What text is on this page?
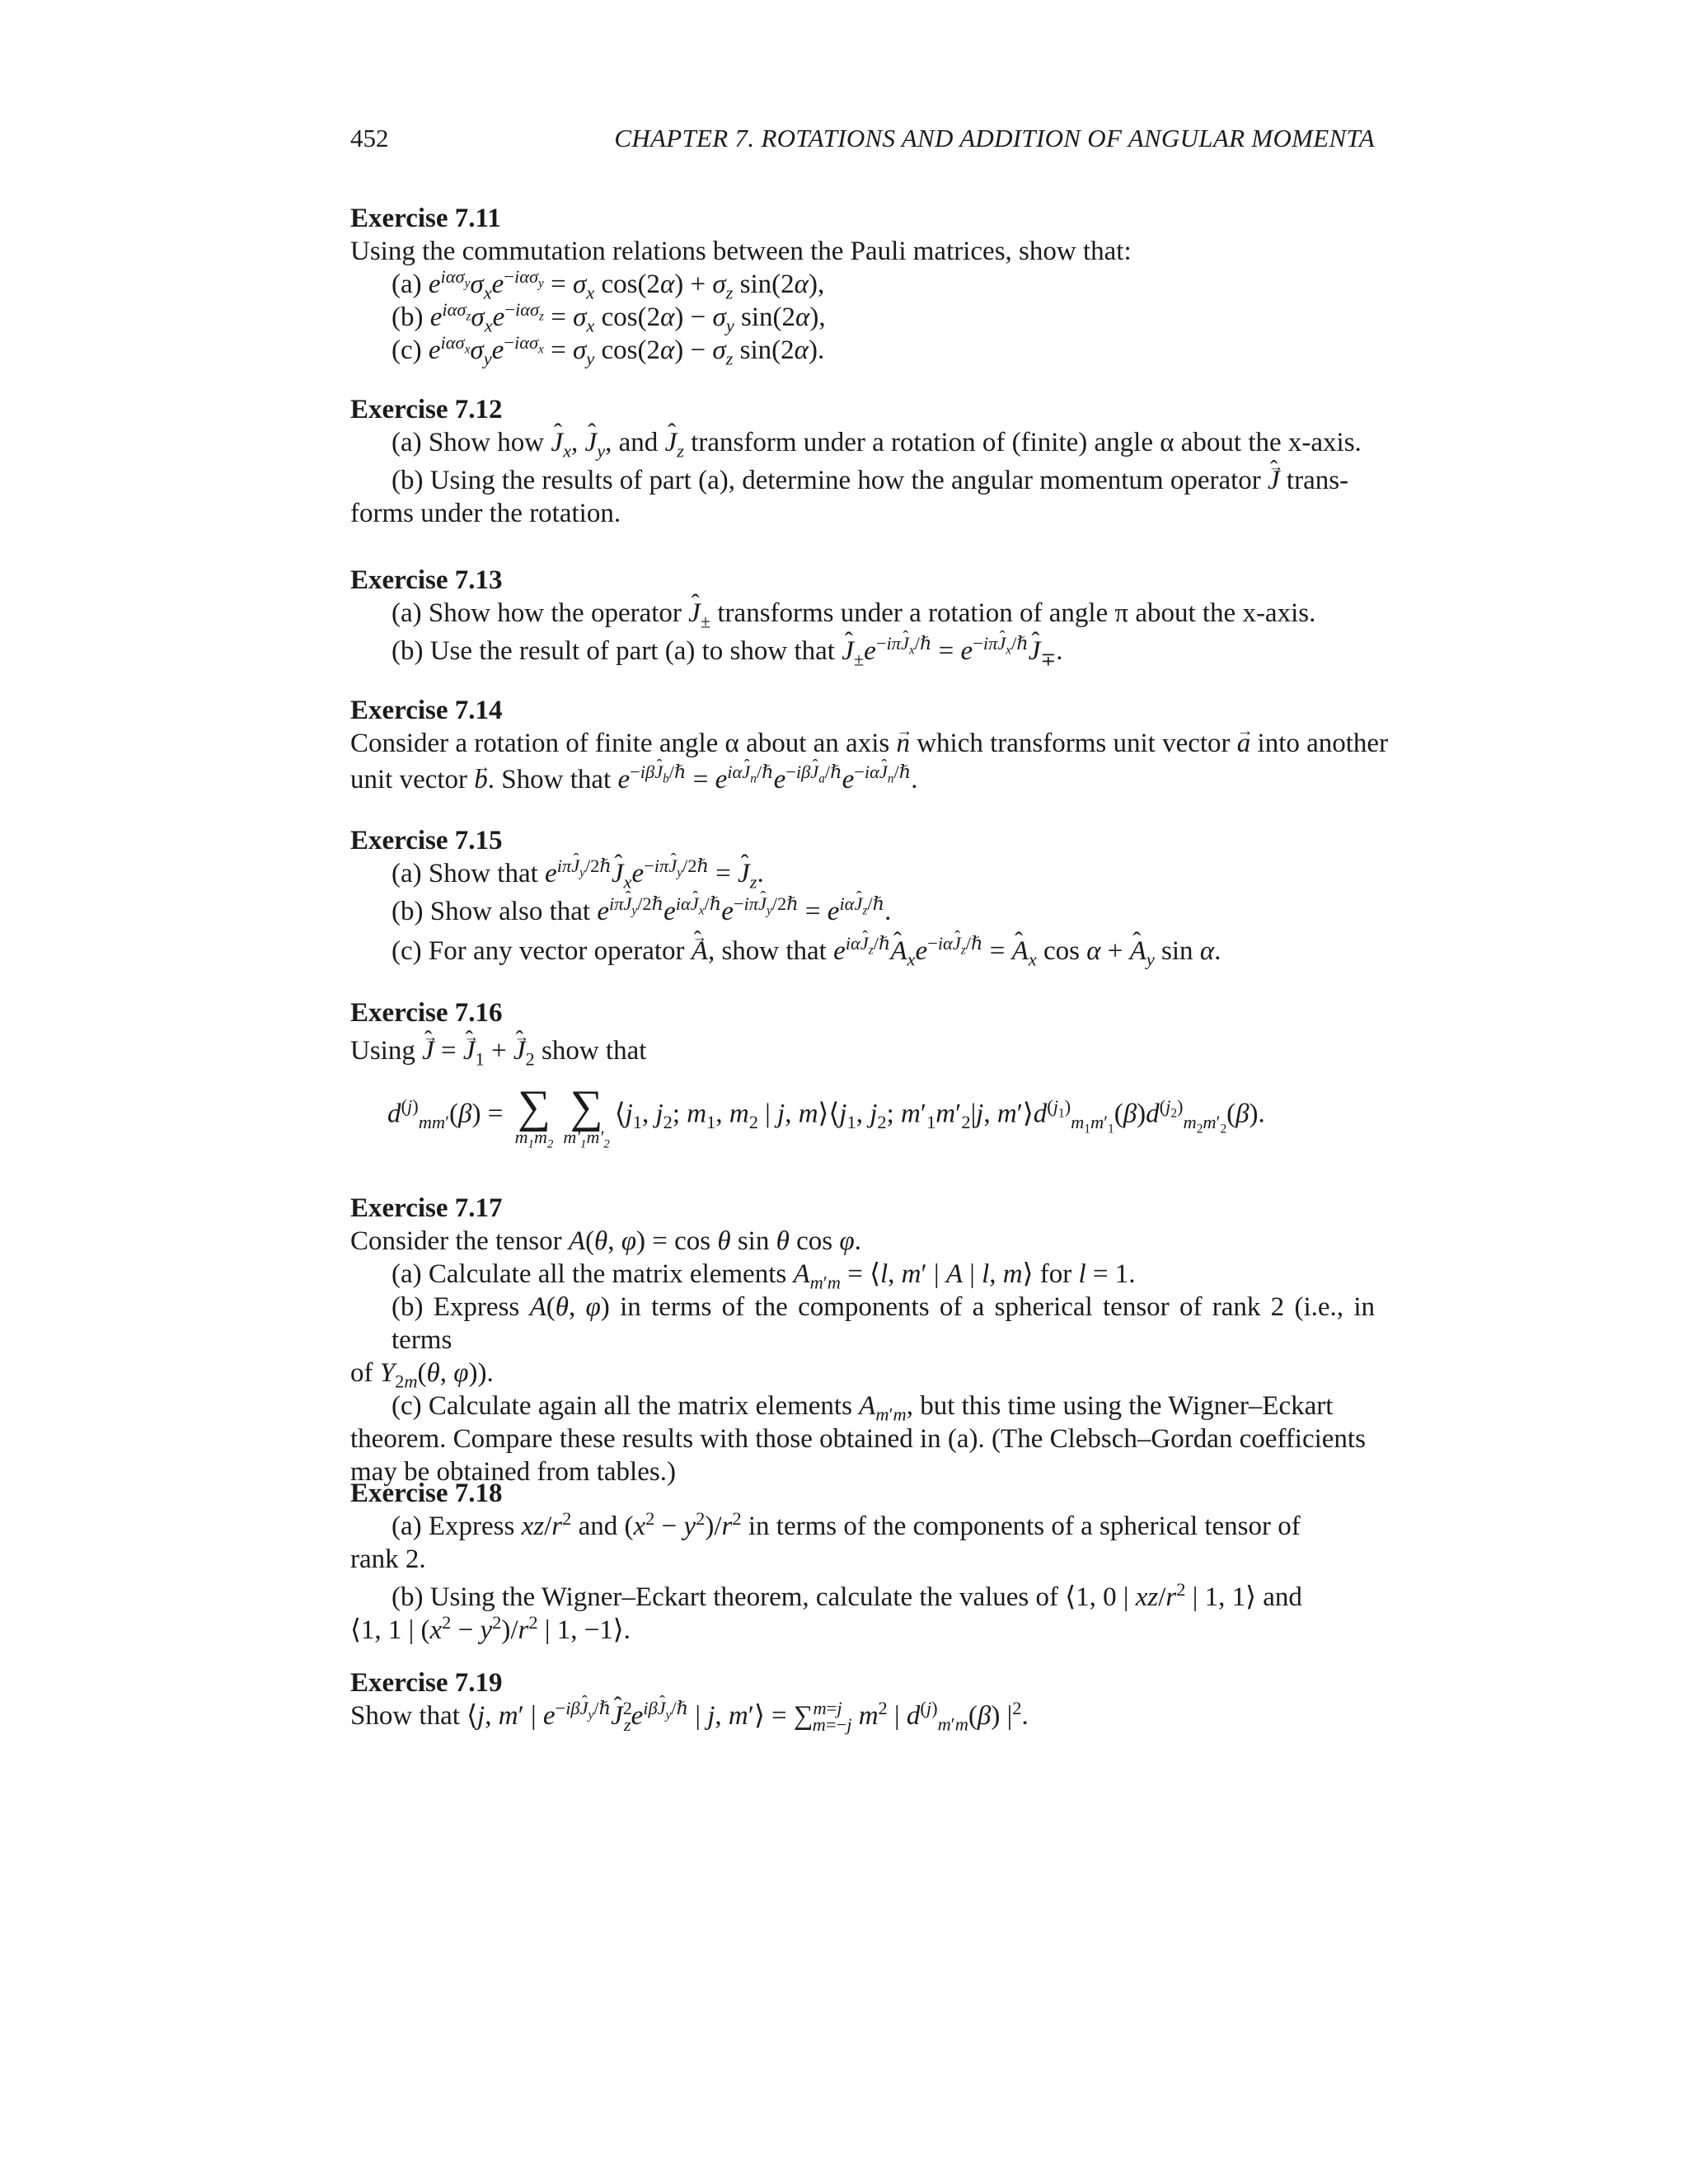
452	CHAPTER 7. ROTATIONS AND ADDITION OF ANGULAR MOMENTA
Exercise 7.11
Using the commutation relations between the Pauli matrices, show that:
(a) $e^{i\alpha\sigma_y}\sigma_xe^{-i\alpha\sigma_y} = \sigma_x$ $\cos(2\alpha) + \sigma_z$ sin(2α),
(b) $e^{i\alpha\sigma_z}\sigma_xe^{-i\alpha\sigma_z} = \sigma_x$ $\cos(2\alpha) - \sigma_y$ sin(2α),
(c) $e^{i\alpha\sigma_x}\sigma_ye^{-i\alpha\sigma_x} = \sigma_y$ $\cos(2\alpha) - \sigma_z$ sin(2α).
Exercise 7.12
(a) Show how ˆ $J_x$, ˆ $J_y$, and ˆ $J_z$ transform under a rotation of (finite) angle α about the x-axis.
(b) Using the results of part (a), determine how the angular momentum operator → J ˆ trans-
forms under the rotation.
Exercise 7.13
(a) Show how the operator ˆ $J_\pm$ transforms under a rotation of angle π about the x-axis.
(b) Use the result of part (a) to show that ˆ $J_\pm e^{-i\pi J_x/\hbar}$ = $e^{-i\pi J_x/\hbar}ˆ$ $J_\mp$.
Exercise 7.14
Consider a rotation of finite angle α about an axis → n which transforms unit vector → a into another
unit vector → b. Show that $e^{-i\beta J_b/\hbar} = e^{i\alpha J_n/\hbar}e^{-i\beta J_a/\hbar}e^{-i\alpha J_n/\hbar}$.
Exercise 7.15
(a) Show that $e^{i\pi J_y/2\hbar}ˆ$ $J_xe^{-i\pi J_y/2\hbar}$ = ˆ $J_z$.
(b) Show also that $e^{i\pi J_y/2\hbar}e^{i\alpha J_x/\hbar}e^{-i\pi J_y/2\hbar} = e^{i\alpha J_z/\hbar}$.
(c) For any vector operator → A ˆ, show that $e^{i\alpha J_z/\hbar}ˆ$ $A_xe^{-i\alpha J_z/\hbar}$ = ˆ $A_x$ cos α + ˆ $A_y$ sin α.
Exercise 7.16
Using → J ˆ = → J ˆ$_1$ + → J ˆ$_2$ show that
$d^{(j)}_{mm'}(\beta)$ = ∑
$m_1m_2$
∑
$m'_1m'_2$
$⟨j_1$, $j_2$; $m_1$, $m_2$ | j, $m⟩⟨j_1$, $j_2$; $m'_1m'_2|j$, $m'⟩d^{(j_1)}_{m_1m'_1}(\beta)d^{(j_2)}_{m_2m'_2}(\beta)$.
Exercise 7.17
Consider the tensor A(θ, φ) = cos θ sin θ cos φ.
(a) Calculate all the matrix elements $A_{m'm}$ = ⟨l, m′ | A | l, m⟩ for l = 1.
(b) Express A(θ, φ) in terms of the components of a spherical tensor of rank 2 (i.e., in terms
of $Y_{2m}(\theta$, φ)).
(c) Calculate again all the matrix elements $A_{m'm}$, but this time using the Wigner–Eckart
theorem. Compare these results with those obtained in (a). (The Clebsch–Gordan coefficients
may be obtained from tables.)
Exercise 7.18
(a) Express $xz/r^2$ and $(x^2 - y^2)/r^2$ in terms of the components of a spherical tensor of
rank 2.
(b) Using the Wigner–Eckart theorem, calculate the values of ⟨1, 0 | $xz/r^2$ | 1, 1⟩ and
⟨1, 1 | $(x^2 - y^2)/r^2$ | 1, −1⟩.
Exercise 7.19
Show that ⟨j, m′ | $e^{-i\beta J_y/\hbar}ˆ$ $J^2_ze^{i\beta J_y/\hbar}$ | j, m′⟩ = ∑$^{m=j}_{m=-j}$ $m^2$ | $d^{(j)}_{m'm}(\beta)$ $|^2$.
